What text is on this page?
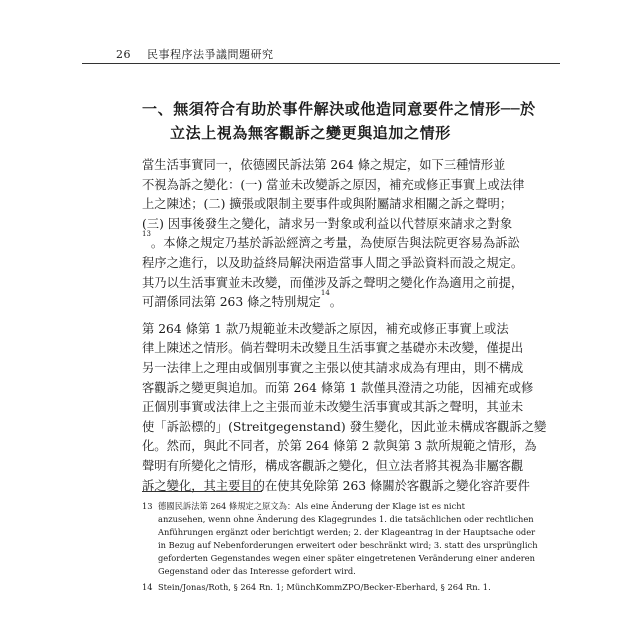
26 民事程序法爭議問題研究
一、無須符合有助於事件解決或他造同意要件之情形──於
立法上視為無客觀訴之變更與追加之情形
當生活事實同一，依德國民訴法第 264 條之規定，如下三種情形並
不視為訴之變化：(一) 當並未改變訴之原因，補充或修正事實上或法律
上之陳述；(二) 擴張或限制主要事件或與附屬請求相關之訴之聲明；
(三) 因事後發生之變化，請求另一對象或利益以代替原來請求之對象
$^{13}$。本條之規定乃基於訴訟經濟之考量，為使原告與法院更容易為訴訟
程序之進行，以及助益終局解決兩造當事人間之爭訟資料而設之規定。
其乃以生活事實並未改變，而僅涉及訴之聲明之變化作為適用之前提，
可謂係同法第 263 條之特別規定$^{14}$。
第 264 條第 1 款乃規範並未改變訴之原因，補充或修正事實上或法
律上陳述之情形。倘若聲明未改變且生活事實之基礎亦未改變，僅提出
另一法律上之理由或個別事實之主張以使其請求成為有理由，則不構成
客觀訴之變更與追加。而第 264 條第 1 款僅具澄清之功能，因補充或修
正個別事實或法律上之主張而並未改變生活事實或其訴之聲明，其並未
使「訴訟標的」(Streitgegenstand) 發生變化，因此並未構成客觀訴之變
化。然而，與此不同者，於第 264 條第 2 款與第 3 款所規範之情形，為
聲明有所變化之情形，構成客觀訴之變化，但立法者將其視為非屬客觀
訴之變化，其主要目的在使其免除第 263 條關於客觀訴之變化容許要件
13 德國民訴法第 264 條規定之原文為：Als eine Änderung der Klage ist es nicht
anzusehen, wenn ohne Änderung des Klagegrundes 1. die tatsächlichen oder rechtlichen
Anführungen ergänzt oder berichtigt werden; 2. der Klageantrag in der Hauptsache oder
in Bezug auf Nebenforderungen erweitert oder beschränkt wird; 3. statt des ursprünglich
geforderten Gegenstandes wegen einer später eingetretenen Veränderung einer anderen
Gegenstand oder das Interesse gefordert wird.
14 Stein/Jonas/Roth, § 264 Rn. 1; MünchKommZPO/Becker-Eberhard, § 264 Rn. 1.
